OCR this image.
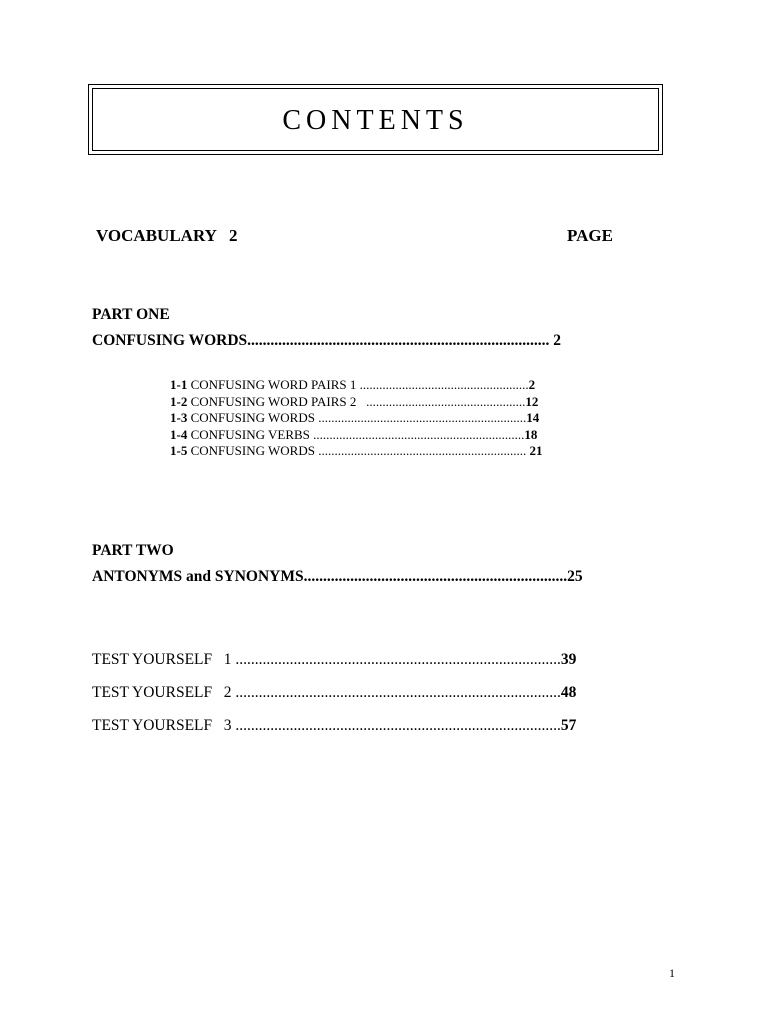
CONTENTS
VOCABULARY   2	PAGE
PART ONE
CONFUSING WORDS.............................................................................. 2
1-1 CONFUSING WORD PAIRS 1 ....................................................2
1-2 CONFUSING WORD PAIRS 2   .................................................12
1-3 CONFUSING WORDS ................................................................14
1-4 CONFUSING VERBS .................................................................18
1-5 CONFUSING WORDS ................................................................ 21
PART TWO
ANTONYMS and SYNONYMS....................................................................25
TEST YOURSELF   1 ....................................................................................39
TEST YOURSELF   2 ....................................................................................48
TEST YOURSELF   3 ....................................................................................57
1
